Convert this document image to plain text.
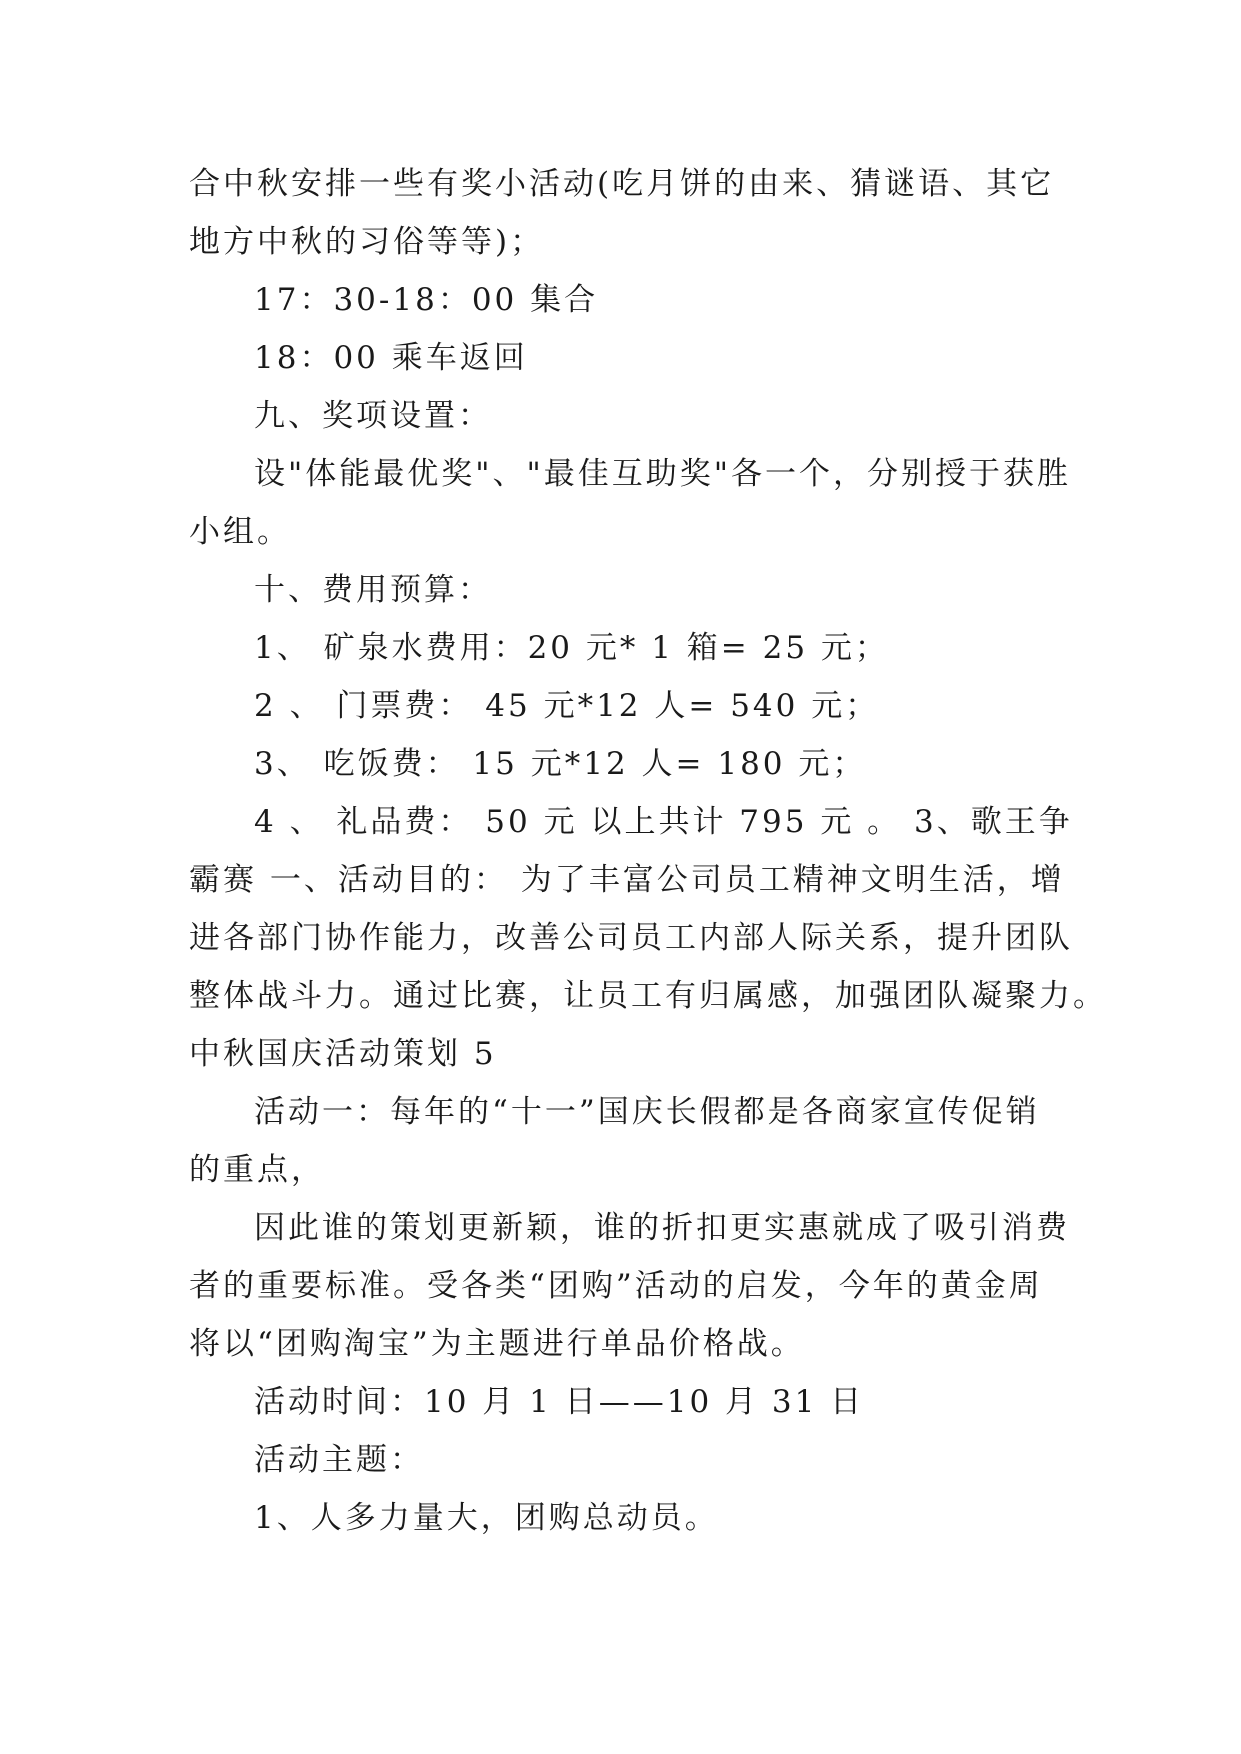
合中秋安排一些有奖小活动(吃月饼的由来、猜谜语、其它

地方中秋的习俗等等)；

17：30-18：00 集合

18：00 乘车返回

九、奖项设置：

设"体能最优奖"、"最佳互助奖"各一个，分别授于获胜

小组。

十、费用预算：

1、 矿泉水费用：20 元* 1 箱= 25 元；

2 、 门票费： 45 元*12 人= 540 元；

3、 吃饭费： 15 元*12 人= 180 元；

4 、 礼品费： 50 元 以上共计 795 元 。 3、歌王争

霸赛 一、活动目的： 为了丰富公司员工精神文明生活，增

进各部门协作能力，改善公司员工内部人际关系，提升团队

整体战斗力。通过比赛，让员工有归属感，加强团队凝聚力。

中秋国庆活动策划 5

活动一：每年的“十一”国庆长假都是各商家宣传促销

的重点，

因此谁的策划更新颖，谁的折扣更实惠就成了吸引消费

者的重要标准。受各类“团购”活动的启发，今年的黄金周

将以“团购淘宝”为主题进行单品价格战。

活动时间：10 月 1 日——10 月 31 日

活动主题：

1、人多力量大，团购总动员。
